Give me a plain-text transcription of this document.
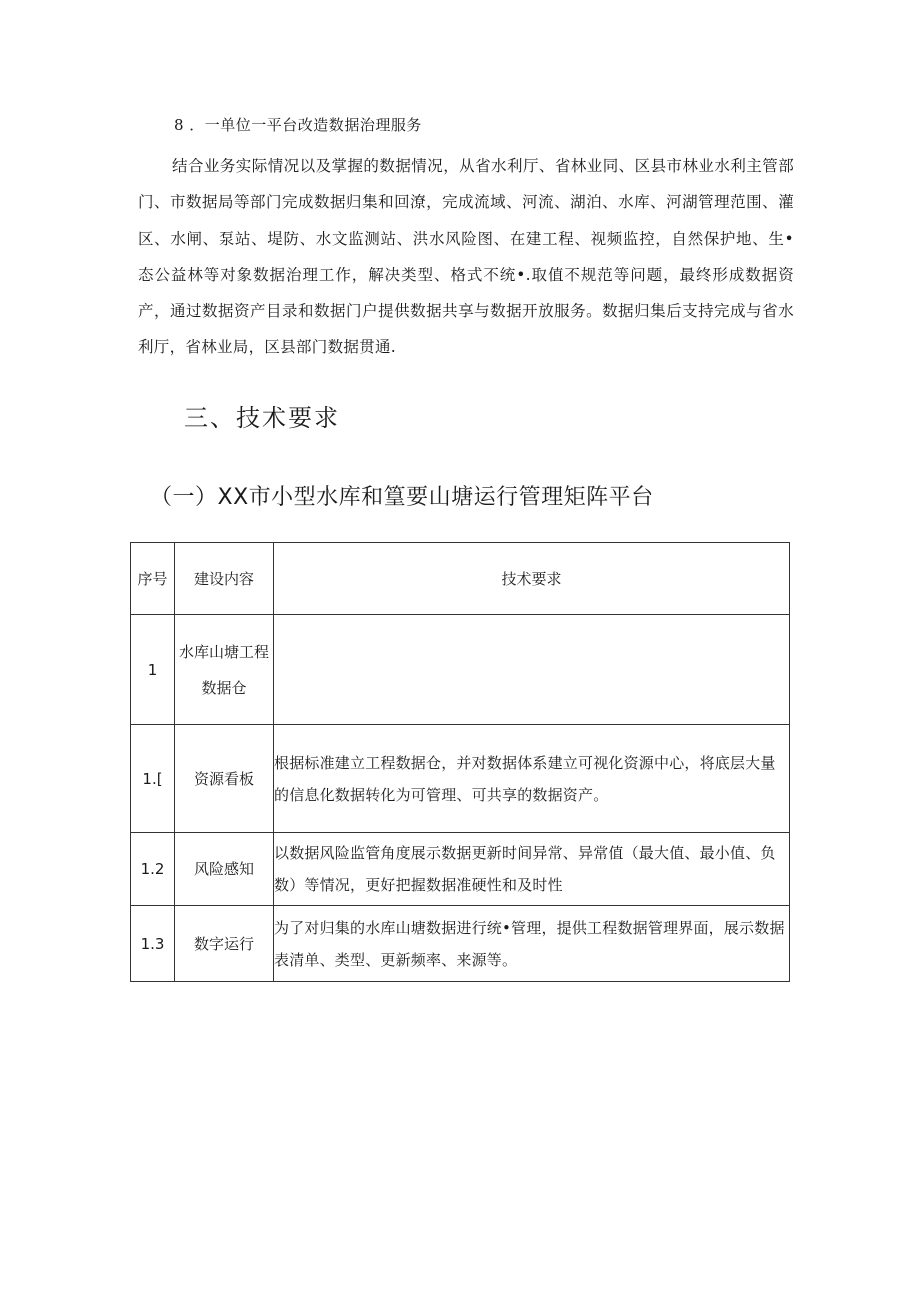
8 ．一单位一平台改造数据治理服务

结合业务实际情况以及掌握的数据情况，从省水利厅、省林业同、区县市林业水利主管部门、市数据局等部门完成数据归集和回潦，完成流域、河流、湖泊、水库、河湖管理范围、灌区、水闸、泵站、堤防、水文监测站、洪水风险图、在建工程、视频监控，自然保护地、生•态公益林等对象数据治理工作，解决类型、格式不统•.取值不规范等问题，最终形成数据资产，通过数据资产目录和数据门户提供数据共享与数据开放服务。数据归集后支持完成与省水利厅，省林业局，区县部门数据贯通.

三、技术要求
（一）XX市小型水库和篁要山塘运行管理矩阵平台
序号	建设内容	技术要求
1	水库山塘工程数据仓	
1.[	资源看板	根据标准建立工程数据仓，并对数据体系建立可视化资源中心，将底层大量的信息化数据转化为可管理、可共享的数据资产。
1.2	风险感知	以数据风险监管角度展示数据更新时间异常、异常值（最大值、最小值、负数）等情况，更好把握数据准硬性和及时性
1.3	数字运行	为了对归集的水库山塘数据进行统•管理，提供工程数据管理界面，展示数据表清单、类型、更新频率、来源等。
